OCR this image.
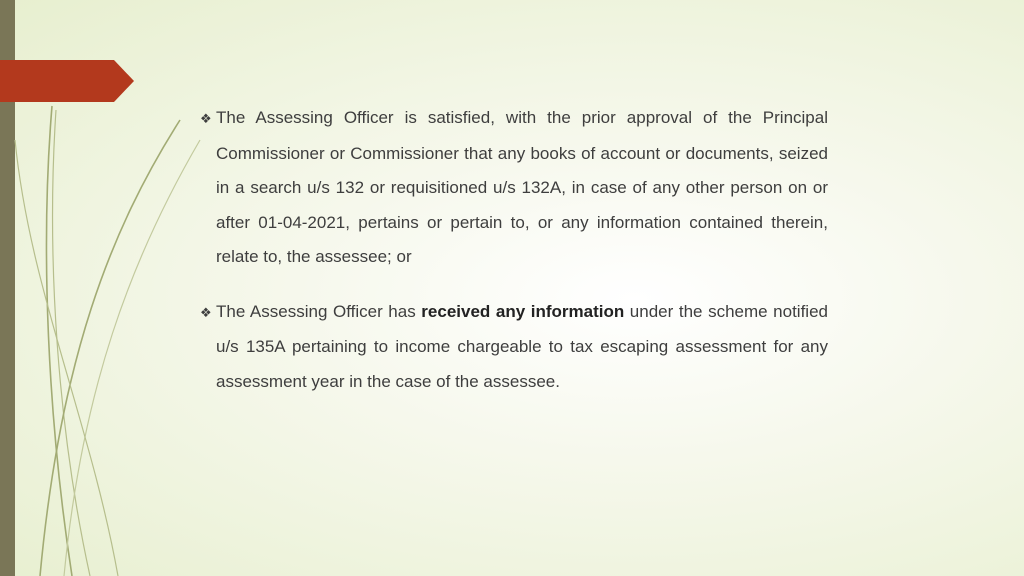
❖ The Assessing Officer is satisfied, with the prior approval of the Principal Commissioner or Commissioner that any books of account or documents, seized in a search u/s 132 or requisitioned u/s 132A, in case of any other person on or after 01-04-2021, pertains or pertain to, or any information contained therein, relate to, the assessee; or

❖ The Assessing Officer has received any information under the scheme notified u/s 135A pertaining to income chargeable to tax escaping assessment for any assessment year in the case of the assessee.
